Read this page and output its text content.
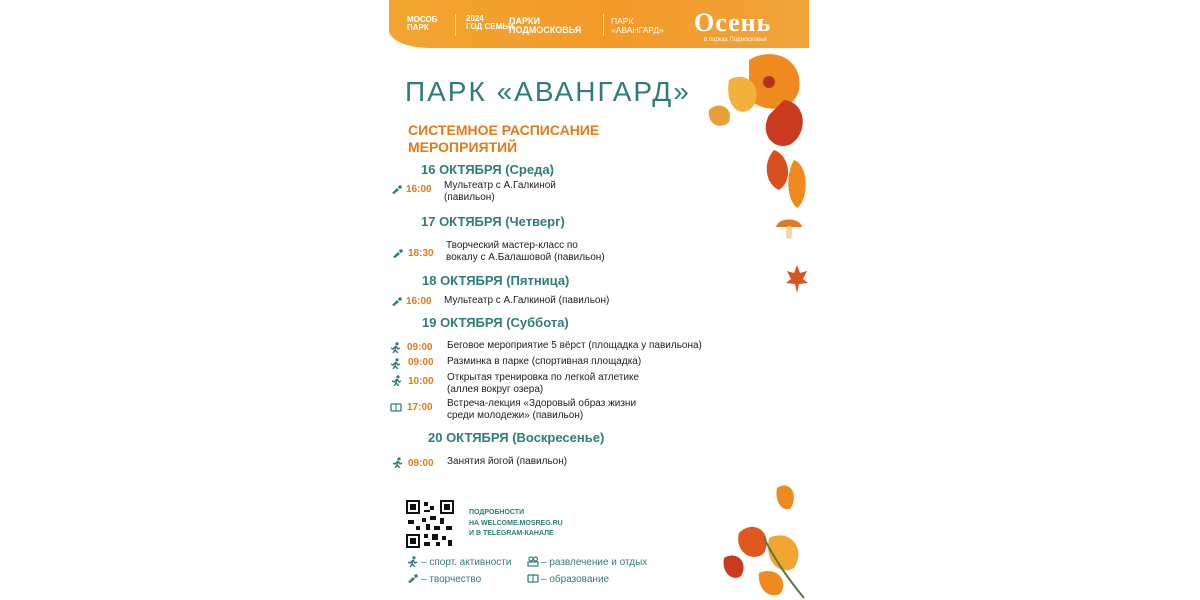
МОСОБ
ПАРК
2024
ГОД СЕМЬИ
ПАРКИ
ПОДМОСКОВЬЯ
ПАРК
«АВАНГАРД» Осень
в парках Подмосковья
ПАРК «АВАНГАРД»
СИСТЕМНОЕ РАСПИСАНИЕ МЕРОПРИЯТИЙ
16 ОКТЯБРЯ (Среда)
16:00 Мультеатр с А.Галкиной
(павильон)
17 ОКТЯБРЯ (Четверг)
18:30
Творческий мастер-класс по
вокалу с А.Балашовой (павильон)
18 ОКТЯБРЯ (Пятница)
16:00 Мультеатр с А.Галкиной (павильон)
19 ОКТЯБРЯ (Суббота)
09:00 Беговое мероприятие 5 вёрст (площадка у павильона)
09:00 Разминка в парке (спортивная площадка)
10:00 Открытая тренировка по легкой атлетике
(аллея вокруг озера)
17:00 Встреча-лекция «Здоровый образ жизни
среди молодежи» (павильон)
20 ОКТЯБРЯ (Воскресенье)
09:00 Занятия йогой (павильон)
ПОДРОБНОСТИ
НА WELCOME.MOSREG.RU
И В TELEGRAM-КАНАЛЕ
– спорт. активности	– развлечение и отдых
– творчество	– образование
